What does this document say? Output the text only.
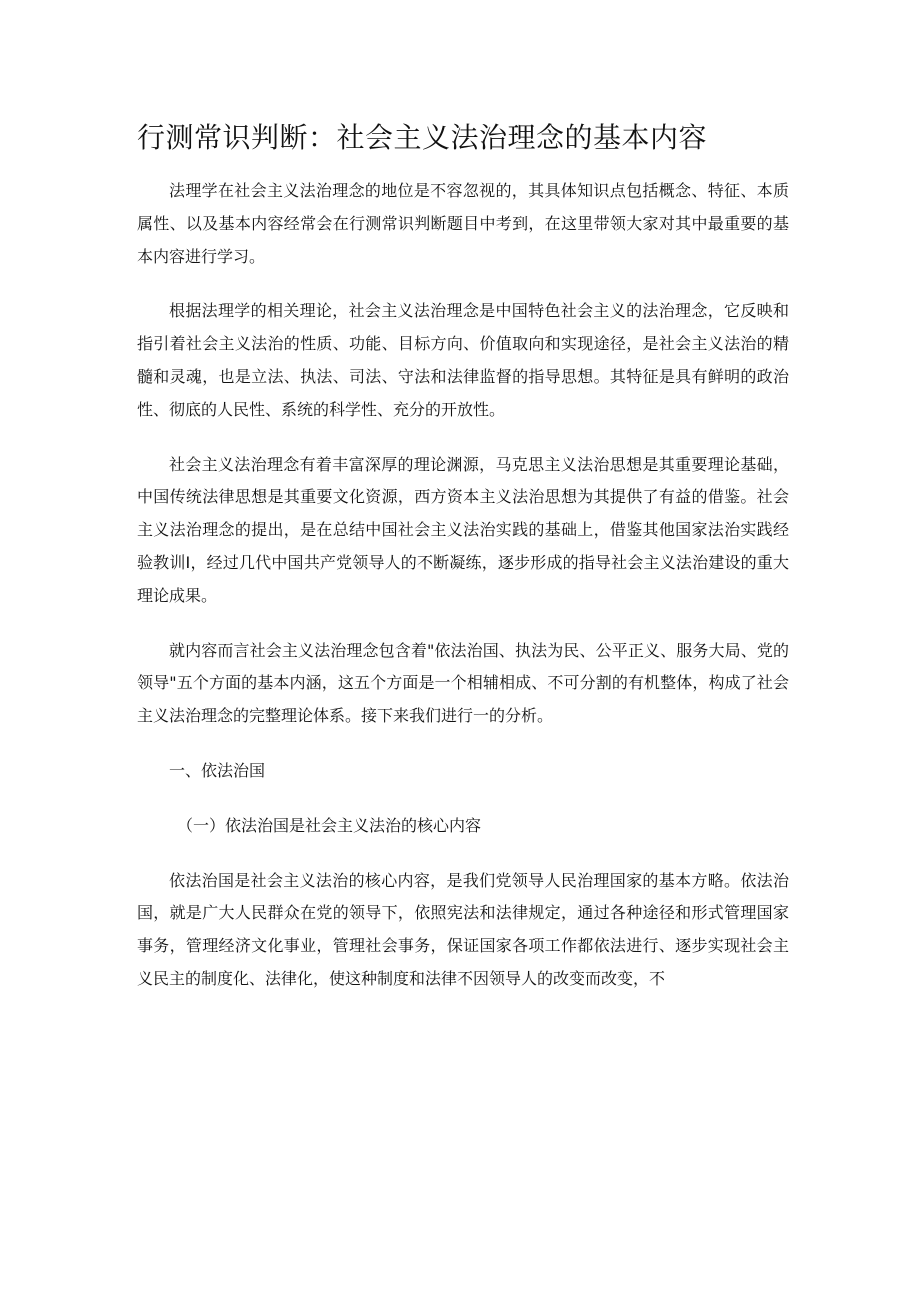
行测常识判断：社会主义法治理念的基本内容

法理学在社会主义法治理念的地位是不容忽视的，其具体知识点包括概念、特征、本质属性、以及基本内容经常会在行测常识判断题目中考到，在这里带领大家对其中最重要的基本内容进行学习。

根据法理学的相关理论，社会主义法治理念是中国特色社会主义的法治理念，它反映和指引着社会主义法治的性质、功能、目标方向、价值取向和实现途径，是社会主义法治的精髓和灵魂，也是立法、执法、司法、守法和法律监督的指导思想。其特征是具有鲜明的政治性、彻底的人民性、系统的科学性、充分的开放性。

社会主义法治理念有着丰富深厚的理论渊源，马克思主义法治思想是其重要理论基础，中国传统法律思想是其重要文化资源，西方资本主义法治思想为其提供了有益的借鉴。社会主义法治理念的提出，是在总结中国社会主义法治实践的基础上，借鉴其他国家法治实践经验教训I，经过几代中国共产党领导人的不断凝练，逐步形成的指导社会主义法治建设的重大理论成果。

就内容而言社会主义法治理念包含着"依法治国、执法为民、公平正义、服务大局、党的领导"五个方面的基本内涵，这五个方面是一个相辅相成、不可分割的有机整体，构成了社会主义法治理念的完整理论体系。接下来我们进行一的分析。

一、依法治国

（一）依法治国是社会主义法治的核心内容

依法治国是社会主义法治的核心内容，是我们党领导人民治理国家的基本方略。依法治国，就是广大人民群众在党的领导下，依照宪法和法律规定，通过各种途径和形式管理国家事务，管理经济文化事业，管理社会事务，保证国家各项工作都依法进行、逐步实现社会主义民主的制度化、法律化，使这种制度和法律不因领导人的改变而改变，不
